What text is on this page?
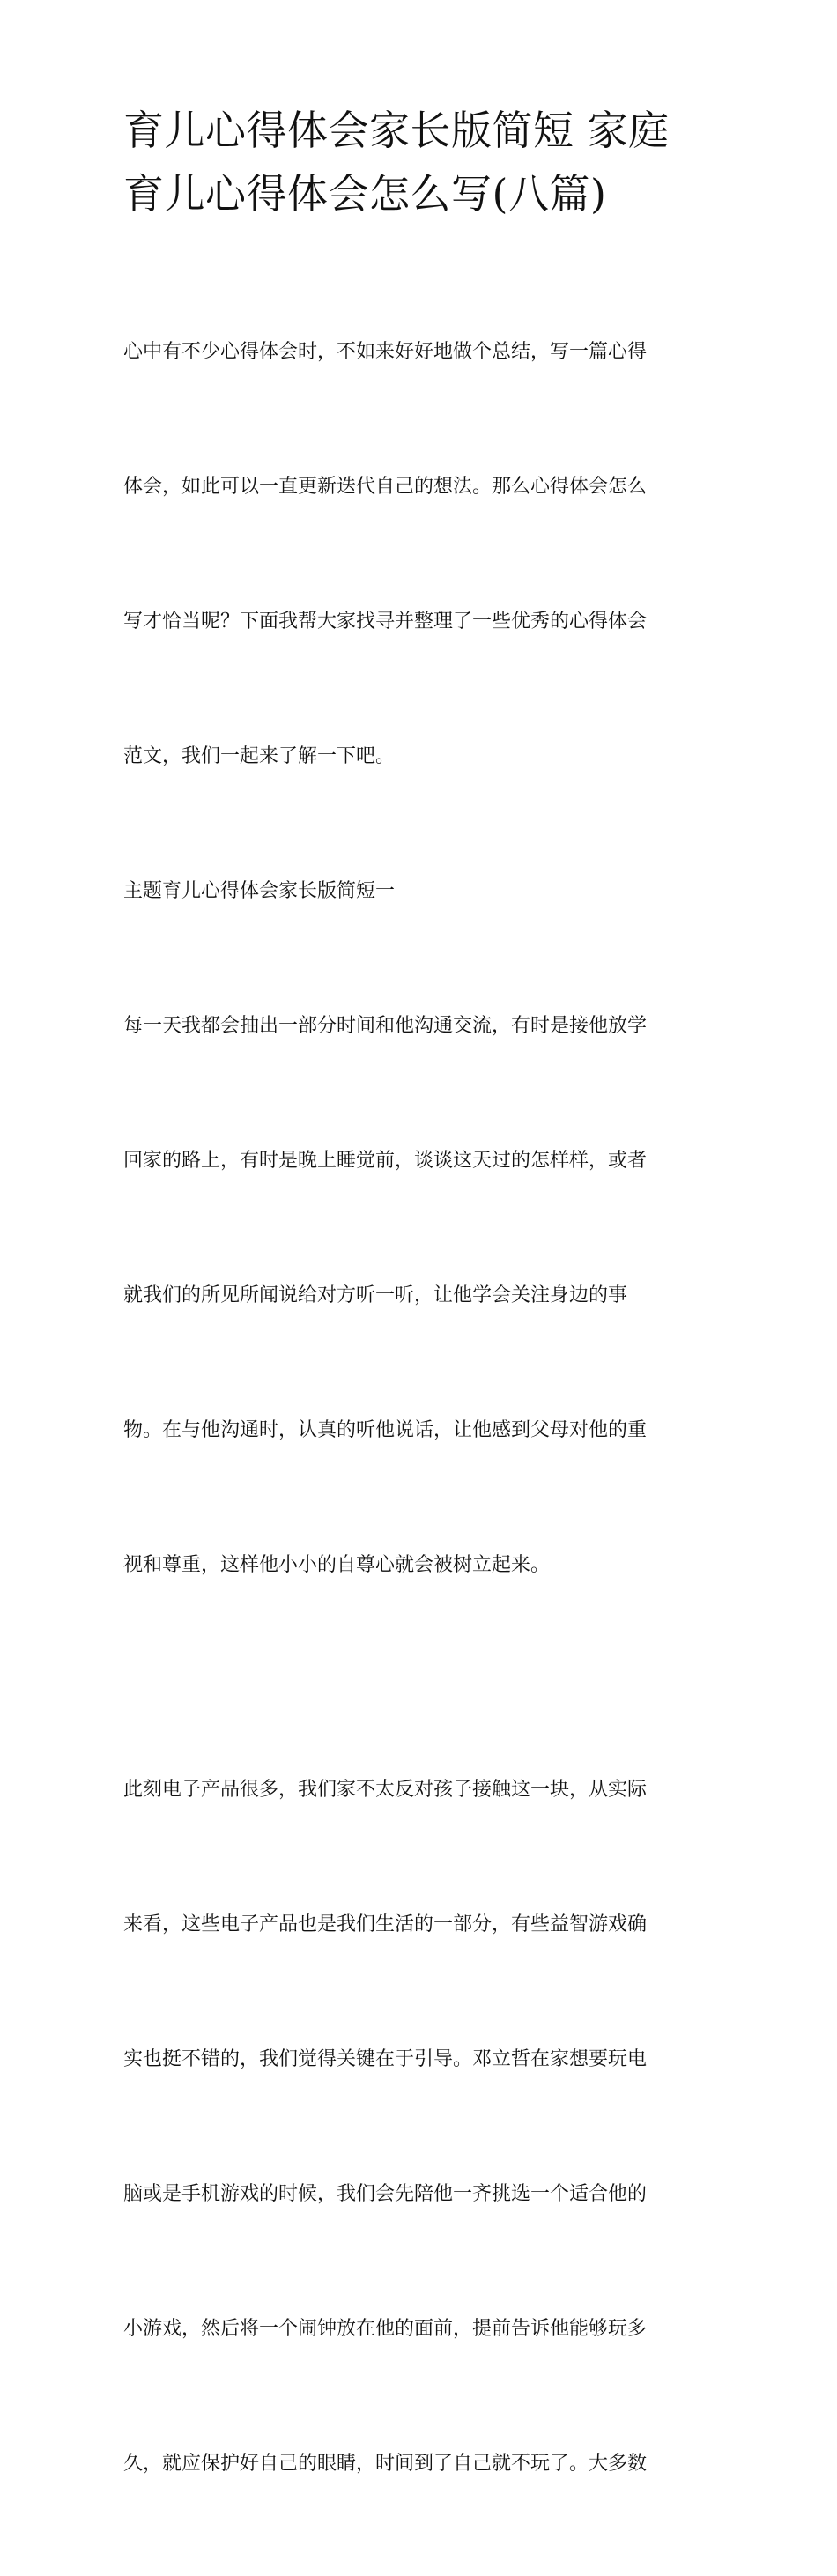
育儿心得体会家长版简短 家庭
育儿心得体会怎么写(八篇)

心中有不少心得体会时，不如来好好地做个总结，写一篇心得

体会，如此可以一直更新迭代自己的想法。那么心得体会怎么

写才恰当呢？下面我帮大家找寻并整理了一些优秀的心得体会

范文，我们一起来了解一下吧。

主题育儿心得体会家长版简短一

每一天我都会抽出一部分时间和他沟通交流，有时是接他放学

回家的路上，有时是晚上睡觉前，谈谈这天过的怎样样，或者

就我们的所见所闻说给对方听一听，让他学会关注身边的事

物。在与他沟通时，认真的听他说话，让他感到父母对他的重

视和尊重，这样他小小的自尊心就会被树立起来。

此刻电子产品很多，我们家不太反对孩子接触这一块，从实际

来看，这些电子产品也是我们生活的一部分，有些益智游戏确

实也挺不错的，我们觉得关键在于引导。邓立哲在家想要玩电

脑或是手机游戏的时候，我们会先陪他一齐挑选一个适合他的

小游戏，然后将一个闹钟放在他的面前，提前告诉他能够玩多

久，就应保护好自己的眼睛，时间到了自己就不玩了。大多数
